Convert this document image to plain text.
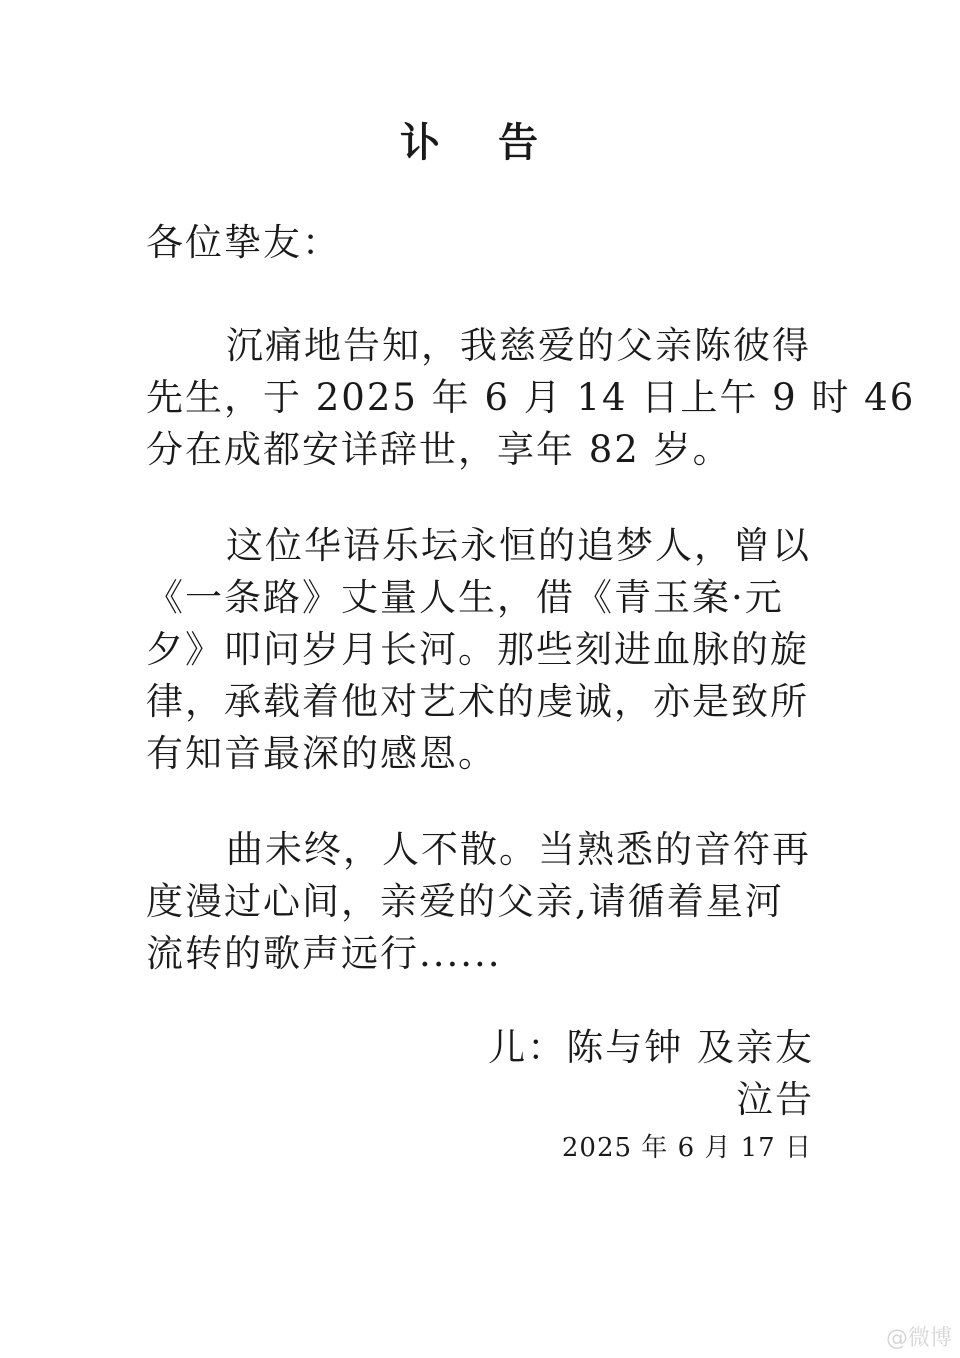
讣 告
各位挚友：
沉痛地告知，我慈爱的父亲陈彼得
先生，于 2025 年 6 月 14 日上午 9 时 46
分在成都安详辞世，享年 82 岁。
这位华语乐坛永恒的追梦人，曾以
《一条路》丈量人生，借《青玉案·元
夕》叩问岁月长河。那些刻进血脉的旋
律，承载着他对艺术的虔诚，亦是致所
有知音最深的感恩。
曲未终，人不散。当熟悉的音符再
度漫过心间，亲爱的父亲,请循着星河
流转的歌声远行......
儿：陈与钟 及亲友
泣告
2025 年 6 月 17 日
@微博
